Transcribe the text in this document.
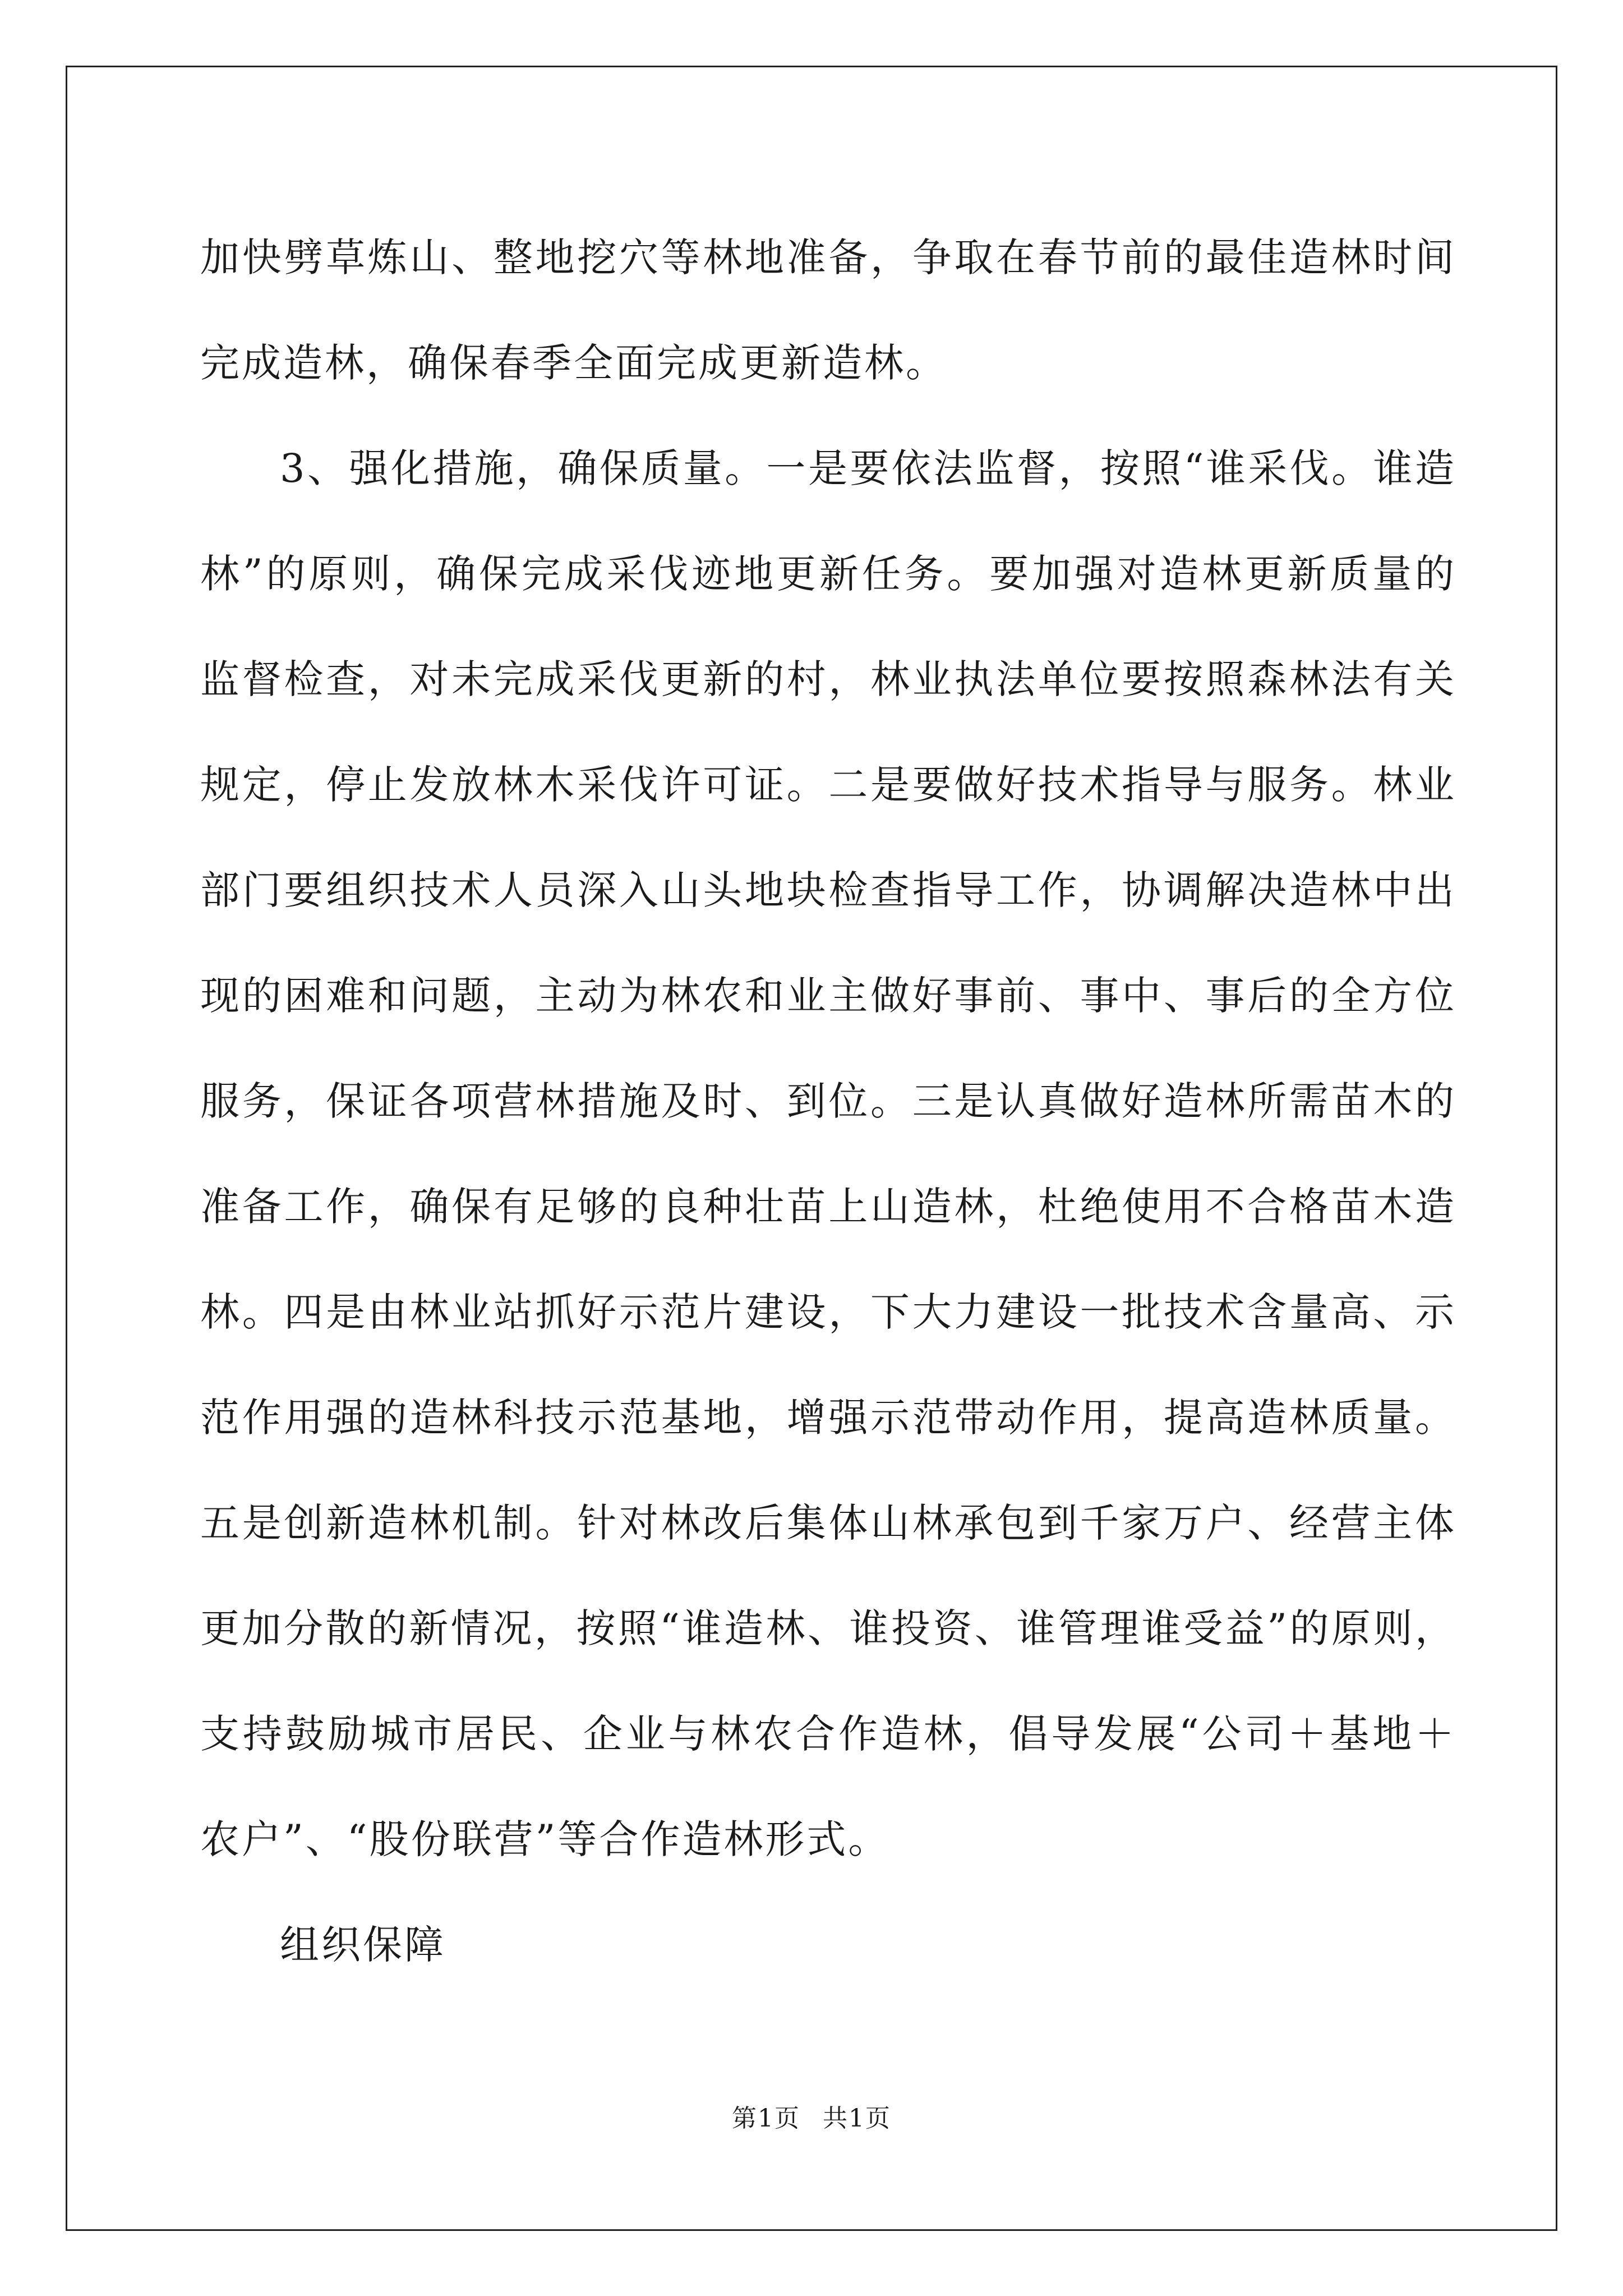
加快劈草炼山、整地挖穴等林地准备，争取在春节前的最佳造林时间完成造林，确保春季全面完成更新造林。

3、强化措施，确保质量。一是要依法监督，按照“谁采伐。谁造林”的原则，确保完成采伐迹地更新任务。要加强对造林更新质量的监督检查，对未完成采伐更新的村，林业执法单位要按照森林法有关规定，停止发放林木采伐许可证。二是要做好技术指导与服务。林业部门要组织技术人员深入山头地块检查指导工作，协调解决造林中出现的困难和问题，主动为林农和业主做好事前、事中、事后的全方位服务，保证各项营林措施及时、到位。三是认真做好造林所需苗木的准备工作，确保有足够的良种壮苗上山造林，杜绝使用不合格苗木造林。四是由林业站抓好示范片建设，下大力建设一批技术含量高、示范作用强的造林科技示范基地，增强示范带动作用，提高造林质量。五是创新造林机制。针对林改后集体山林承包到千家万户、经营主体更加分散的新情况，按照“谁造林、谁投资、谁管理谁受益”的原则，支持鼓励城市居民、企业与林农合作造林，倡导发展“公司＋基地＋农户”、“股份联营”等合作造林形式。

组织保障

第1页 共1页
